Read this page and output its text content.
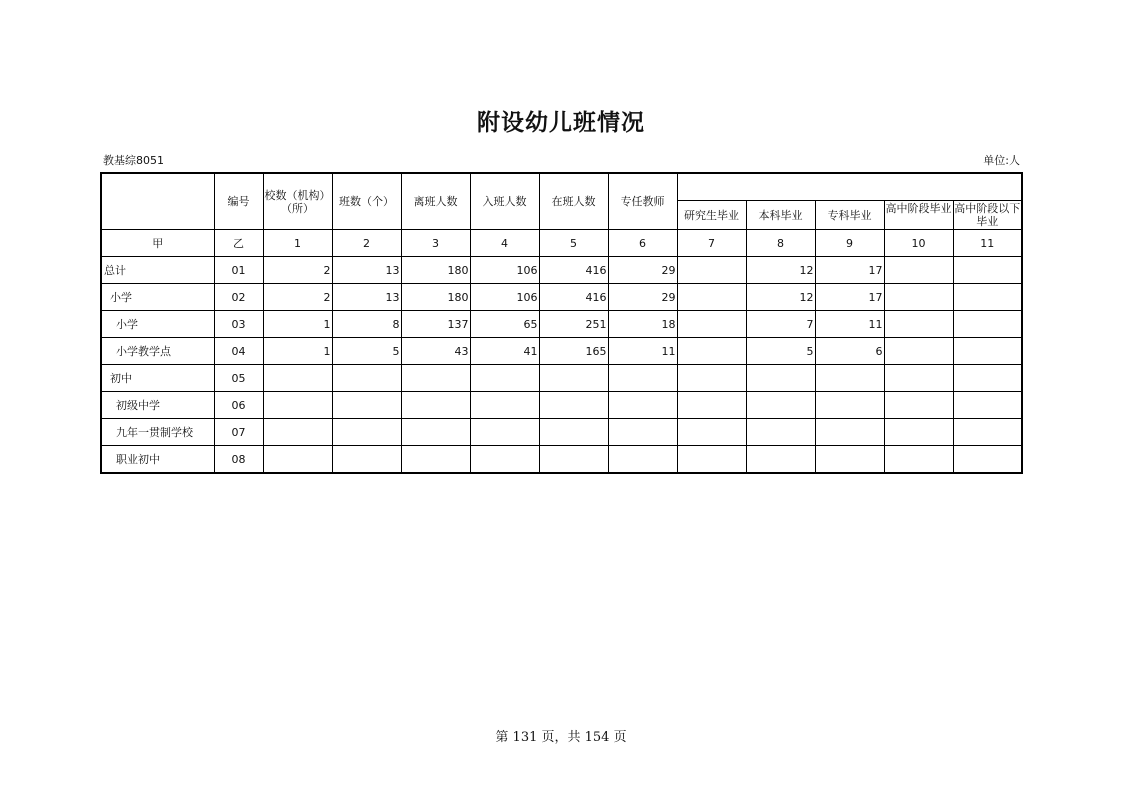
附设幼儿班情况
教基综8051	单位:人
	编号	校数（机构）（所）	班数（个）	离班人数	入班人数	在班人数	专任教师					
								研究生毕业	本科毕业	专科毕业	高中阶段毕业	高中阶段以下毕业
甲	乙	1	2	3	4	5	6	7	8	9	10	11
总计	01	2	13	180	106	416	29		12	17		
小学	02	2	13	180	106	416	29		12	17		
小学	03	1	8	137	65	251	18		7	11		
小学教学点	04	1	5	43	41	165	11		5	6		
初中	05											
初级中学	06											
九年一贯制学校	07											
职业初中	08											
第 131 页，共 154 页
